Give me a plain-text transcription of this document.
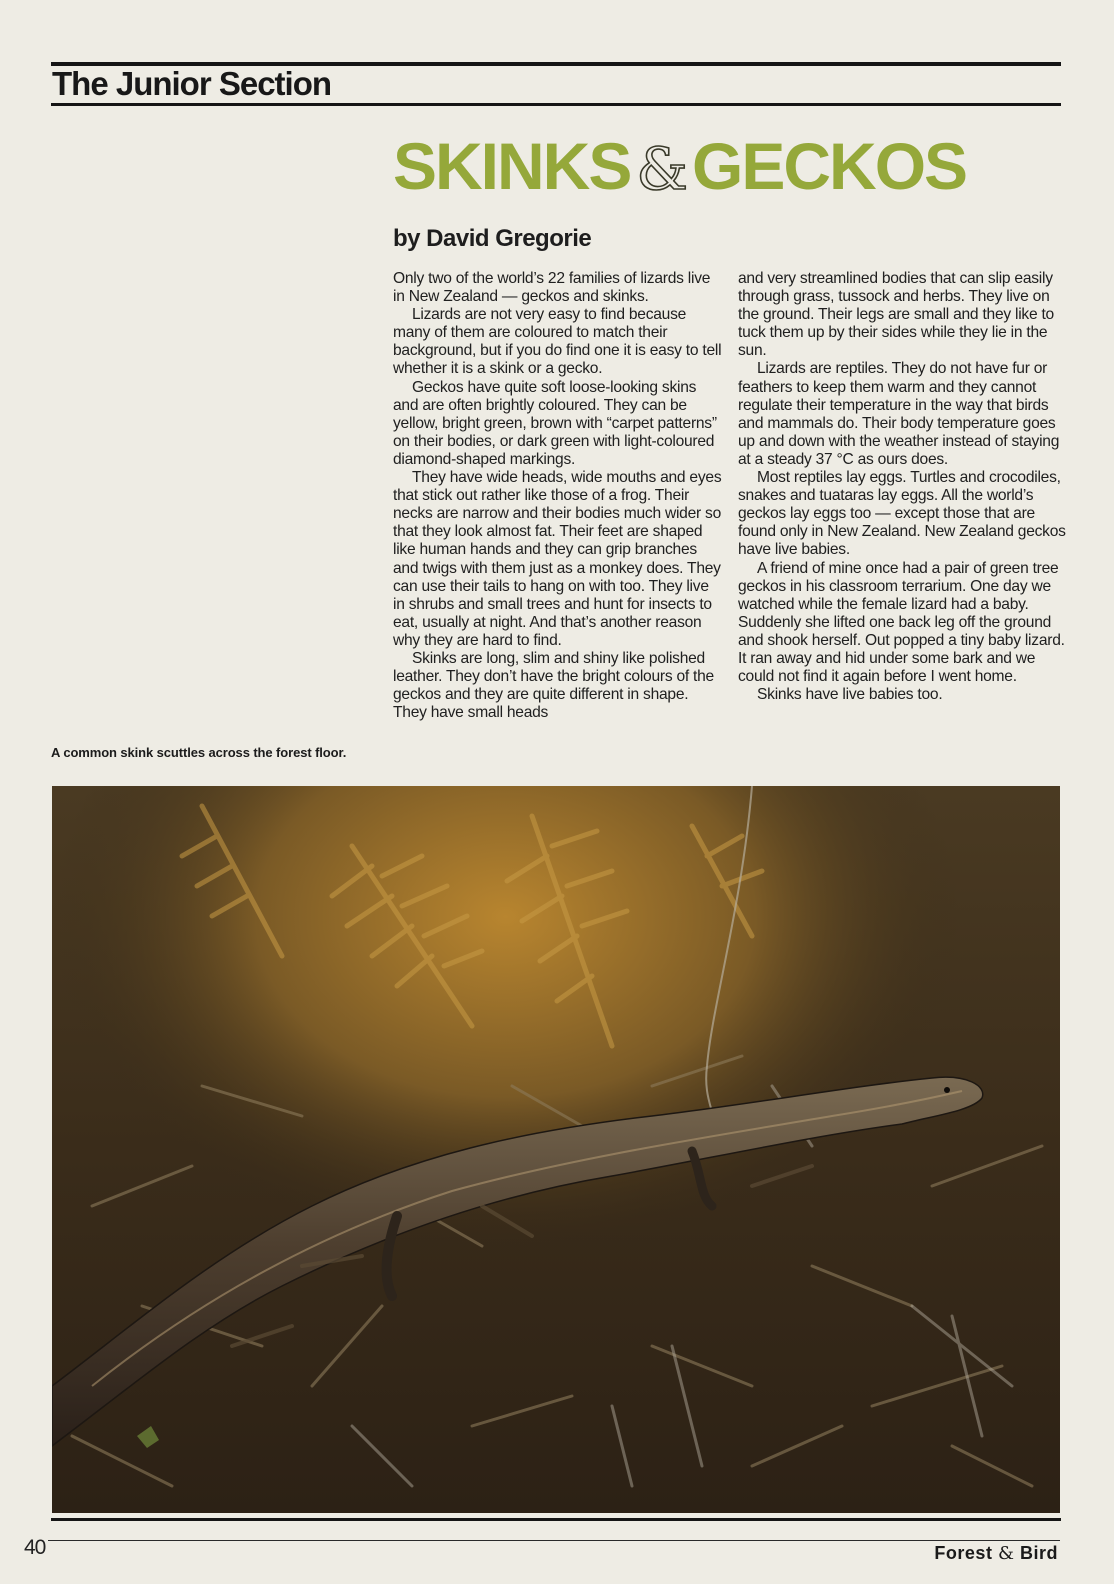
The Junior Section
SKINKS &GECKOS
by David Gregorie

Only two of the world’s 22 families of lizards live in New Zealand — geckos and skinks.

Lizards are not very easy to find because many of them are coloured to match their background, but if you do find one it is easy to tell whether it is a skink or a gecko.

Geckos have quite soft loose-looking skins and are often brightly coloured. They can be yellow, bright green, brown with “carpet patterns” on their bodies, or dark green with light-coloured diamond-shaped markings.

They have wide heads, wide mouths and eyes that stick out rather like those of a frog. Their necks are narrow and their bodies much wider so that they look almost fat. Their feet are shaped like human hands and they can grip branches and twigs with them just as a monkey does. They can use their tails to hang on with too. They live in shrubs and small trees and hunt for insects to eat, usually at night. And that’s another reason why they are hard to find.

Skinks are long, slim and shiny like polished leather. They don’t have the bright colours of the geckos and they are quite different in shape. They have small heads

and very streamlined bodies that can slip easily through grass, tussock and herbs. They live on the ground. Their legs are small and they like to tuck them up by their sides while they lie in the sun.

Lizards are reptiles. They do not have fur or feathers to keep them warm and they cannot regulate their temperature in the way that birds and mammals do. Their body temperature goes up and down with the weather instead of staying at a steady 37 °C as ours does.

Most reptiles lay eggs. Turtles and crocodiles, snakes and tuataras lay eggs. All the world’s geckos lay eggs too — except those that are found only in New Zealand. New Zealand geckos have live babies.

A friend of mine once had a pair of green tree geckos in his classroom terrarium. One day we watched while the female lizard had a baby. Suddenly she lifted one back leg off the ground and shook herself. Out popped a tiny baby lizard. It ran away and hid under some bark and we could not find it again before I went home.

Skinks have live babies too.

A common skink scuttles across the forest floor.
40	Forest & Bird
